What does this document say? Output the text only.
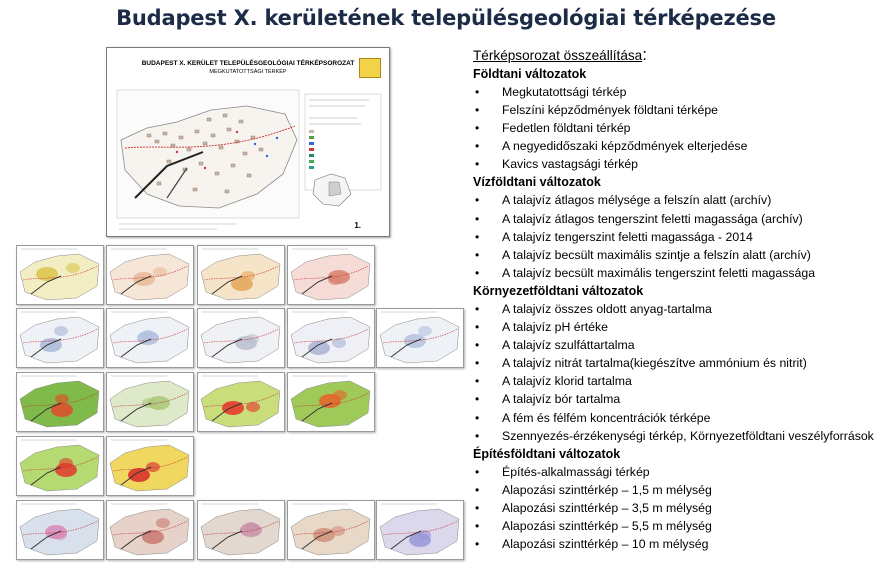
Budapest X. kerületének településgeológiai térképezése
BUDAPEST X. KERÜLET TELEPÜLÉSGEOLÓGIAI TÉRKÉPSOROZAT
MEGKUTATOTTSÁGI TÉRKÉP
1.
Térképsorozat összeállítása:
Földtani változatok
• Megkutatottsági térkép
• Felszíni képződmények földtani térképe
• Fedetlen földtani térkép
• A negyedidőszaki képződmények elterjedése
• Kavics vastagsági térkép
Vízföldtani változatok
• A talajvíz átlagos mélysége a felszín alatt (archív)
• A talajvíz átlagos tengerszint feletti magassága (archív)
• A talajvíz tengerszint feletti magassága - 2014
• A talajvíz becsült maximális szintje a felszín alatt (archív)
• A talajvíz becsült maximális tengerszint feletti magassága
Környezetföldtani változatok
• A talajvíz összes oldott anyag-tartalma
• A talajvíz pH értéke
• A talajvíz szulfáttartalma
• A talajvíz nitrát tartalma(kiegészítve ammónium és nitrit)
• A talajvíz klorid tartalma
• A talajvíz bór tartalma
• A fém és félfém koncentrációk térképe
• Szennyezés-érzékenységi térkép, Környezetföldtani veszélyforrások
Építésföldtani változatok
• Építés-alkalmassági térkép
• Alapozási szinttérkép – 1,5 m mélység
• Alapozási szinttérkép – 3,5 m mélység
• Alapozási szinttérkép – 5,5 m mélység
• Alapozási szinttérkép – 10 m mélység
